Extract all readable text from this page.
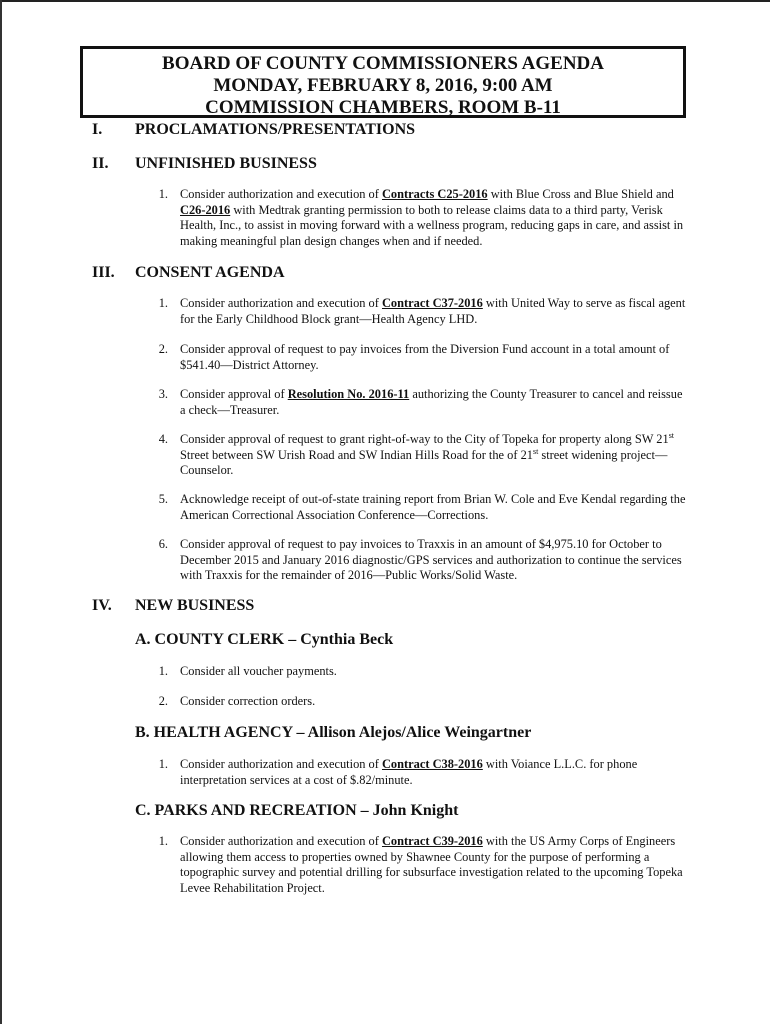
BOARD OF COUNTY COMMISSIONERS AGENDA
MONDAY, FEBRUARY 8, 2016, 9:00 AM
COMMISSION CHAMBERS, ROOM B-11
I. PROCLAMATIONS/PRESENTATIONS
II. UNFINISHED BUSINESS
1. Consider authorization and execution of Contracts C25-2016 with Blue Cross and Blue Shield and C26-2016 with Medtrak granting permission to both to release claims data to a third party, Verisk Health, Inc., to assist in moving forward with a wellness program, reducing gaps in care, and assist in making meaningful plan design changes when and if needed.
III. CONSENT AGENDA
1. Consider authorization and execution of Contract C37-2016 with United Way to serve as fiscal agent for the Early Childhood Block grant—Health Agency LHD.
2. Consider approval of request to pay invoices from the Diversion Fund account in a total amount of $541.40—District Attorney.
3. Consider approval of Resolution No. 2016-11 authorizing the County Treasurer to cancel and reissue a check—Treasurer.
4. Consider approval of request to grant right-of-way to the City of Topeka for property along SW 21st Street between SW Urish Road and SW Indian Hills Road for the of 21st street widening project—Counselor.
5. Acknowledge receipt of out-of-state training report from Brian W. Cole and Eve Kendal regarding the American Correctional Association Conference—Corrections.
6. Consider approval of request to pay invoices to Traxxis in an amount of $4,975.10 for October to December 2015 and January 2016 diagnostic/GPS services and authorization to continue the services with Traxxis for the remainder of 2016—Public Works/Solid Waste.
IV. NEW BUSINESS
A. COUNTY CLERK – Cynthia Beck
1. Consider all voucher payments.
2. Consider correction orders.
B. HEALTH AGENCY – Allison Alejos/Alice Weingartner
1. Consider authorization and execution of Contract C38-2016 with Voiance L.L.C. for phone interpretation services at a cost of $.82/minute.
C. PARKS AND RECREATION – John Knight
1. Consider authorization and execution of Contract C39-2016 with the US Army Corps of Engineers allowing them access to properties owned by Shawnee County for the purpose of performing a topographic survey and potential drilling for subsurface investigation related to the upcoming Topeka Levee Rehabilitation Project.
